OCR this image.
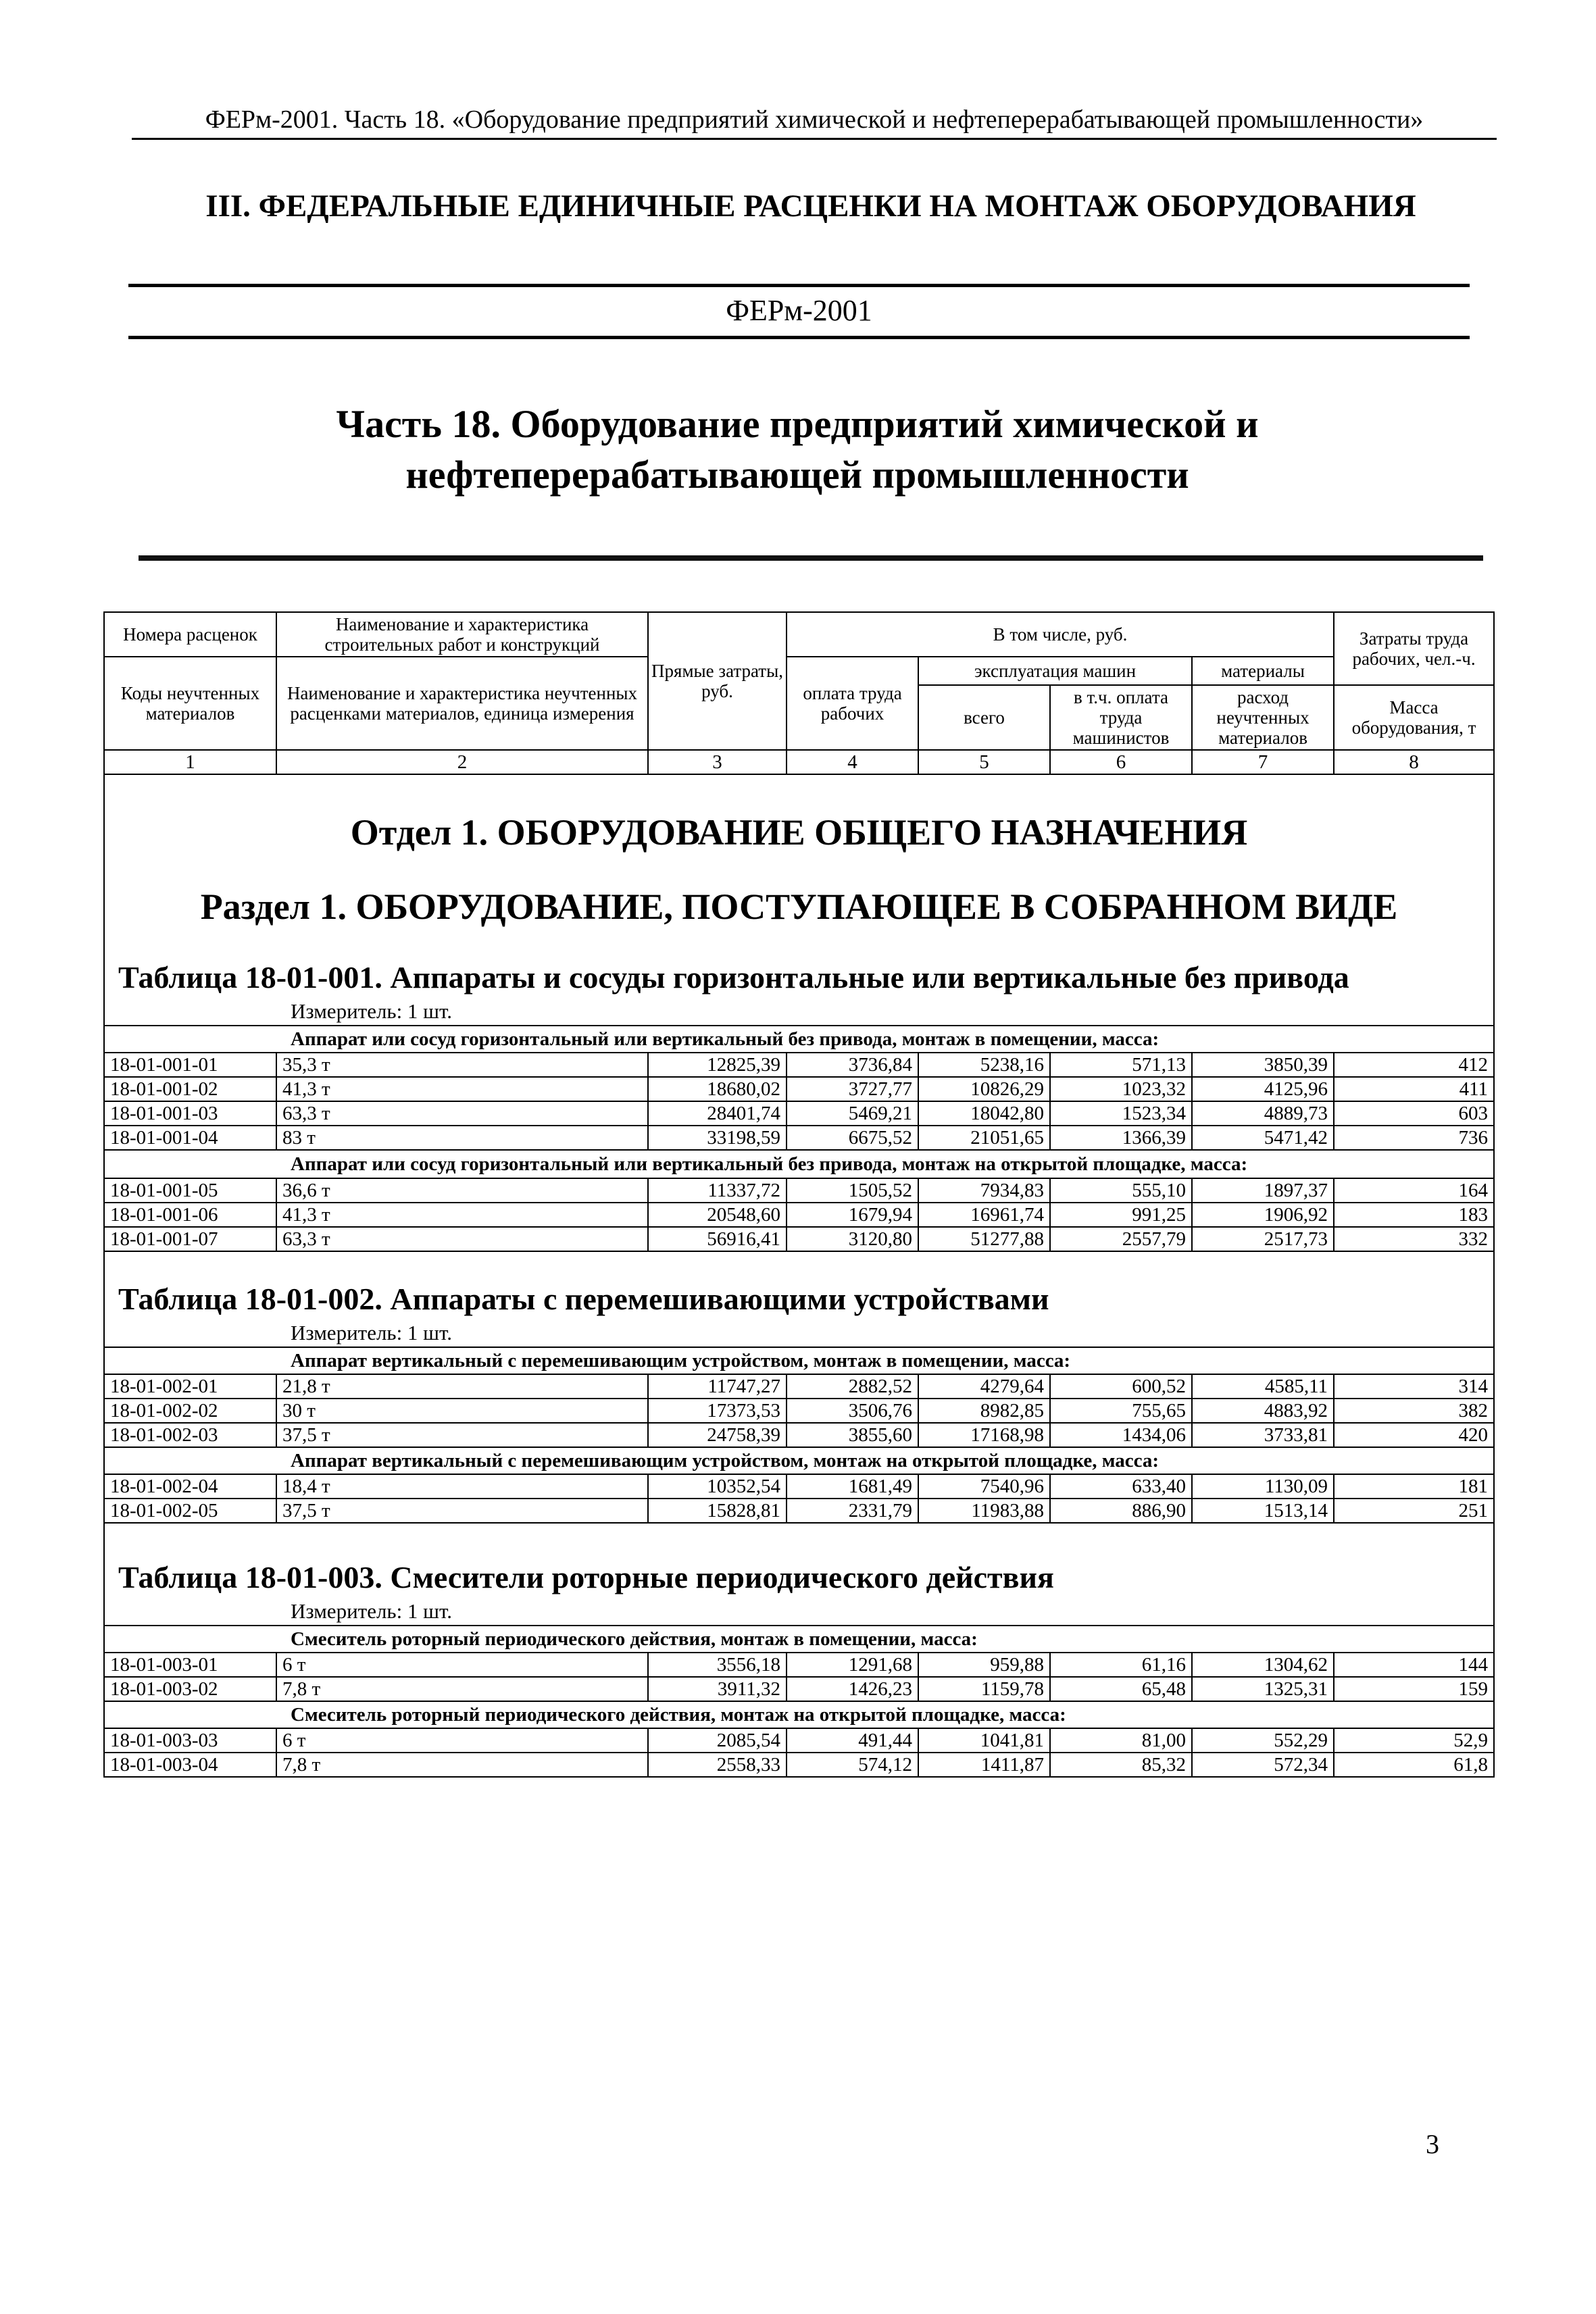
ФЕРм-2001. Часть 18. «Оборудование предприятий химической и нефтеперерабатывающей промышленности»
III. ФЕДЕРАЛЬНЫЕ ЕДИНИЧНЫЕ РАСЦЕНКИ НА МОНТАЖ ОБОРУДОВАНИЯ
ФЕРм-2001
Часть 18. Оборудование предприятий химической и
нефтеперерабатывающей промышленности
Номера расценок	Наименование и характеристика строительных работ и конструкций	Прямые затраты, руб.	В том числе, руб.				Затраты труда рабочих, чел.-ч.
Коды неучтенных материалов	Наименование и характеристика неучтенных расценками материалов, единица измерения		оплата труда рабочих	эксплуатация машин		материалы	
				всего	в т.ч. оплата труда машинистов	расход неучтенных материалов	Масса оборудования, т
1	2	3	4	5	6	7	8

Отдел 1. ОБОРУДОВАНИЕ ОБЩЕГО НАЗНАЧЕНИЯ
Раздел 1. ОБОРУДОВАНИЕ, ПОСТУПАЮЩЕЕ В СОБРАННОМ ВИДЕ							

Таблица 18-01-001. Аппараты и сосуды горизонтальные или вертикальные без привода
Измеритель: 1 шт.							

Аппарат или сосуд горизонтальный или вертикальный без привода, монтаж в помещении, масса:							
18-01-001-01	35,3 т	12825,39	3736,84	5238,16	571,13	3850,39	412
18-01-001-02	41,3 т	18680,02	3727,77	10826,29	1023,32	4125,96	411
18-01-001-03	63,3 т	28401,74	5469,21	18042,80	1523,34	4889,73	603
18-01-001-04	83 т	33198,59	6675,52	21051,65	1366,39	5471,42	736
Аппарат или сосуд горизонтальный или вертикальный без привода, монтаж на открытой площадке, масса:							
18-01-001-05	36,6 т	11337,72	1505,52	7934,83	555,10	1897,37	164
18-01-001-06	41,3 т	20548,60	1679,94	16961,74	991,25	1906,92	183
18-01-001-07	63,3 т	56916,41	3120,80	51277,88	2557,79	2517,73	332

Таблица 18-01-002. Аппараты с перемешивающими устройствами
Измеритель: 1 шт.							

Аппарат вертикальный с перемешивающим устройством, монтаж в помещении, масса:							
18-01-002-01	21,8 т	11747,27	2882,52	4279,64	600,52	4585,11	314
18-01-002-02	30 т	17373,53	3506,76	8982,85	755,65	4883,92	382
18-01-002-03	37,5 т	24758,39	3855,60	17168,98	1434,06	3733,81	420
Аппарат вертикальный с перемешивающим устройством, монтаж на открытой площадке, масса:							
18-01-002-04	18,4 т	10352,54	1681,49	7540,96	633,40	1130,09	181
18-01-002-05	37,5 т	15828,81	2331,79	11983,88	886,90	1513,14	251

Таблица 18-01-003. Смесители роторные периодического действия
Измеритель: 1 шт.							

Смеситель роторный периодического действия, монтаж в помещении, масса:							
18-01-003-01	6 т	3556,18	1291,68	959,88	61,16	1304,62	144
18-01-003-02	7,8 т	3911,32	1426,23	1159,78	65,48	1325,31	159
Смеситель роторный периодического действия, монтаж на открытой площадке, масса:							
18-01-003-03	6 т	2085,54	491,44	1041,81	81,00	552,29	52,9
18-01-003-04	7,8 т	2558,33	574,12	1411,87	85,32	572,34	61,8
3
